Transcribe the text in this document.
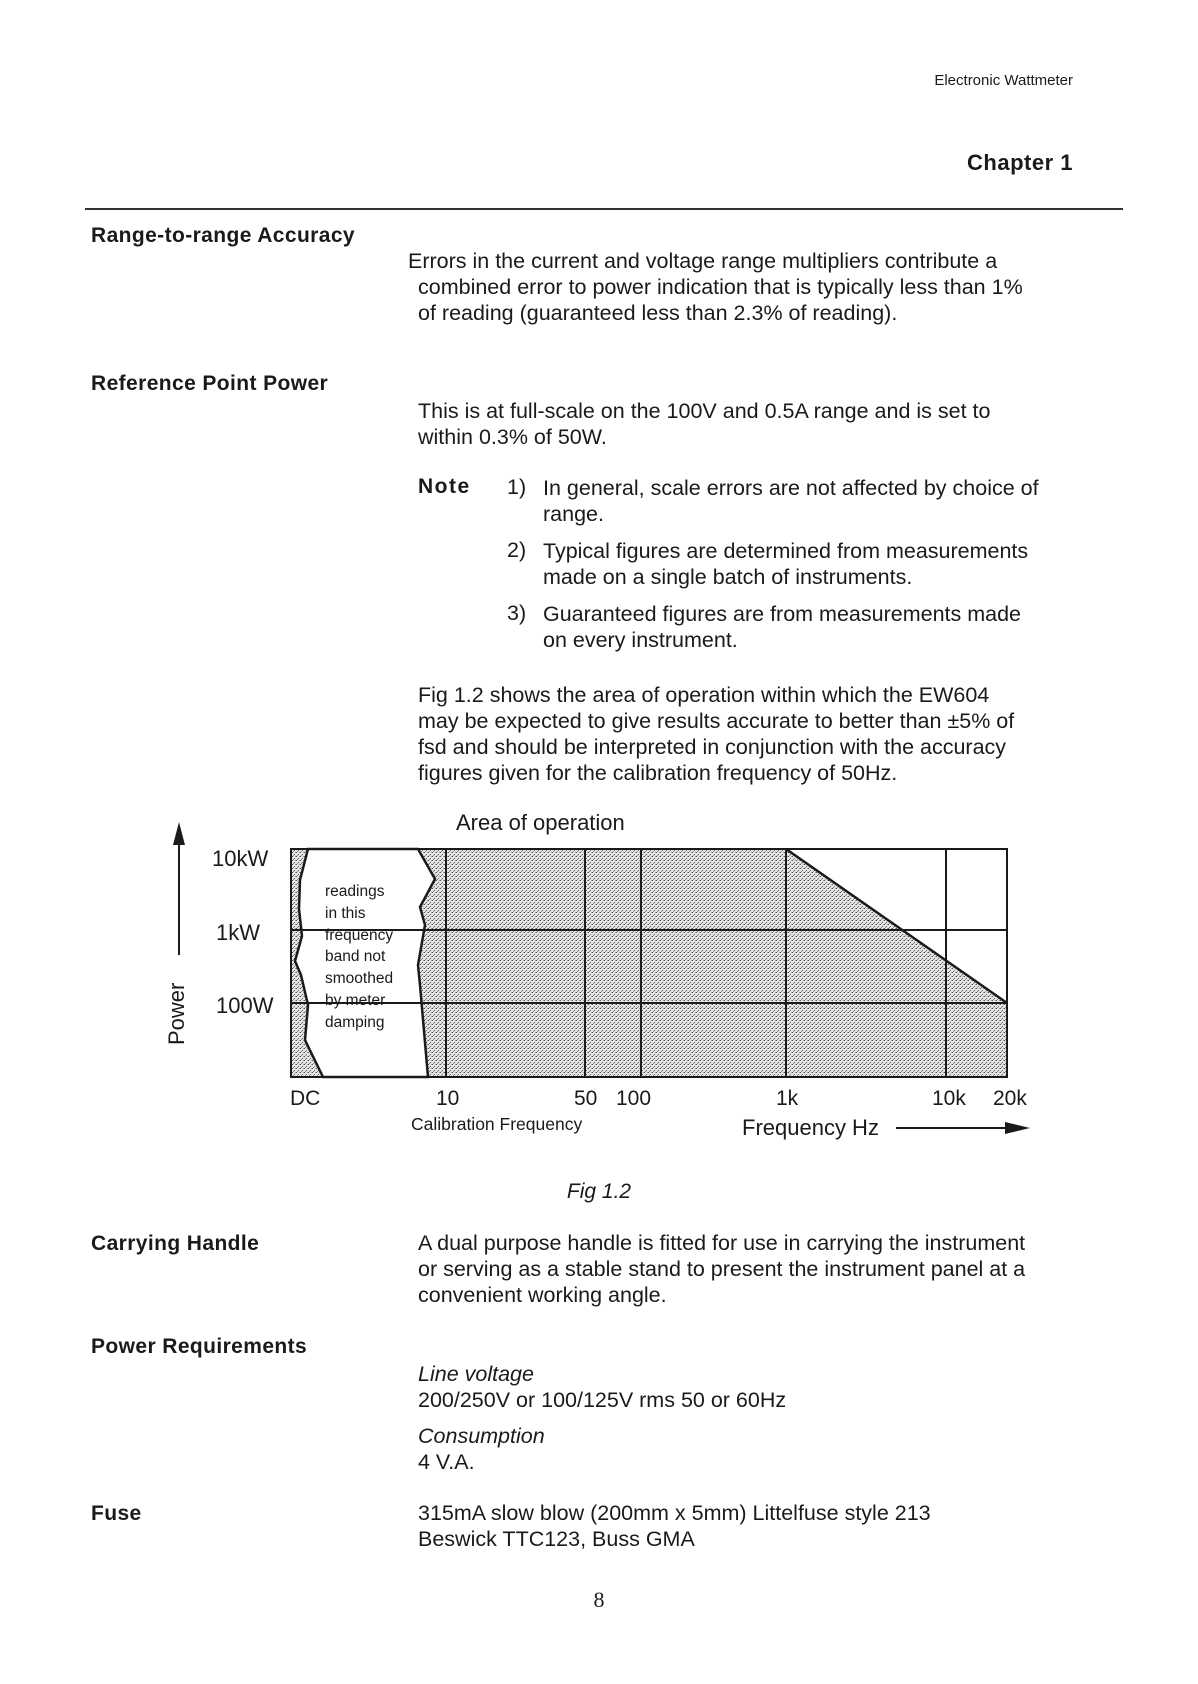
Electronic Wattmeter
Chapter 1
Range-to-range Accuracy
Errors in the current and voltage range multipliers contribute a
combined error to power indication that is typically less than 1%
of reading (guaranteed less than 2.3% of reading).
Reference Point Power
This is at full-scale on the 100V and 0.5A range and is set to
within 0.3% of 50W.
Note 1) In general, scale errors are not affected by choice of
range.
2) Typical figures are determined from measurements
made on a single batch of instruments.
3) Guaranteed figures are from measurements made
on every instrument.
Fig 1.2 shows the area of operation within which the EW604
may be expected to give results accurate to better than ±5% of
fsd and should be interpreted in conjunction with the accuracy
figures given for the calibration frequency of 50Hz.
Area of operation
readings
in this
frequency
band not
smoothed
by meter
damping
Power
10kW
1kW
100W
DC	10	50 100	1k	10k 20k
Calibration Frequency	Frequency Hz
Fig 1.2
Carrying Handle	A dual purpose handle is fitted for use in carrying the instrument
or serving as a stable stand to present the instrument panel at a
convenient working angle.
Power Requirements
Line voltage
200/250V or 100/125V rms 50 or 60Hz
Consumption
4 V.A.
Fuse	315mA slow blow (200mm x 5mm) Littelfuse style 213
Beswick TTC123, Buss GMA
8
